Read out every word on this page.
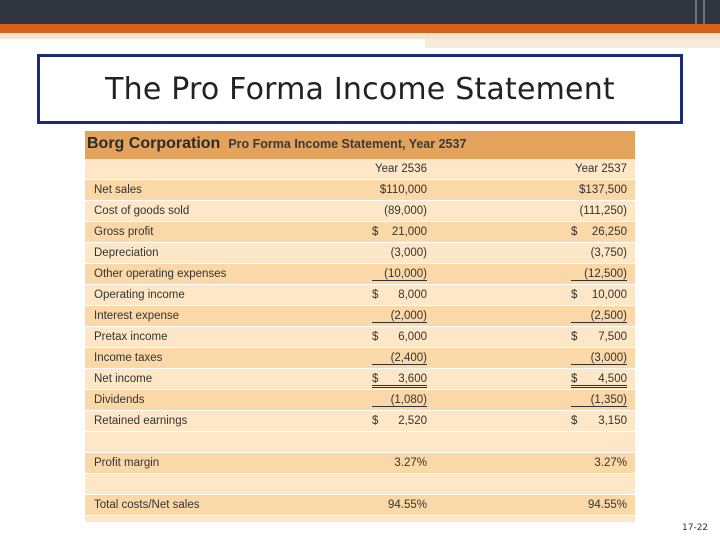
The Pro Forma Income Statement
Borg Corporation Pro Forma Income Statement, Year 2537
Year 2536	Year 2537
Net sales	$110,000	$137,500
Cost of goods sold	(89,000)	(111,250)
Gross profit	$ 21,000	$ 26,250
Depreciation	(3,000)	(3,750)
Other operating expenses	(10,000)	(12,500)
Operating income	$ 8,000	$ 10,000
Interest expense	(2,000)	(2,500)
Pretax income	$ 6,000	$ 7,500
Income taxes	(2,400)	(3,000)
Net income	$ 3,600	$ 4,500
Dividends	(1,080)	(1,350)
Retained earnings	$ 2,520	$ 3,150
Profit margin	3.27%	3.27%
Total costs/Net sales	94.55%	94.55%
17-22
